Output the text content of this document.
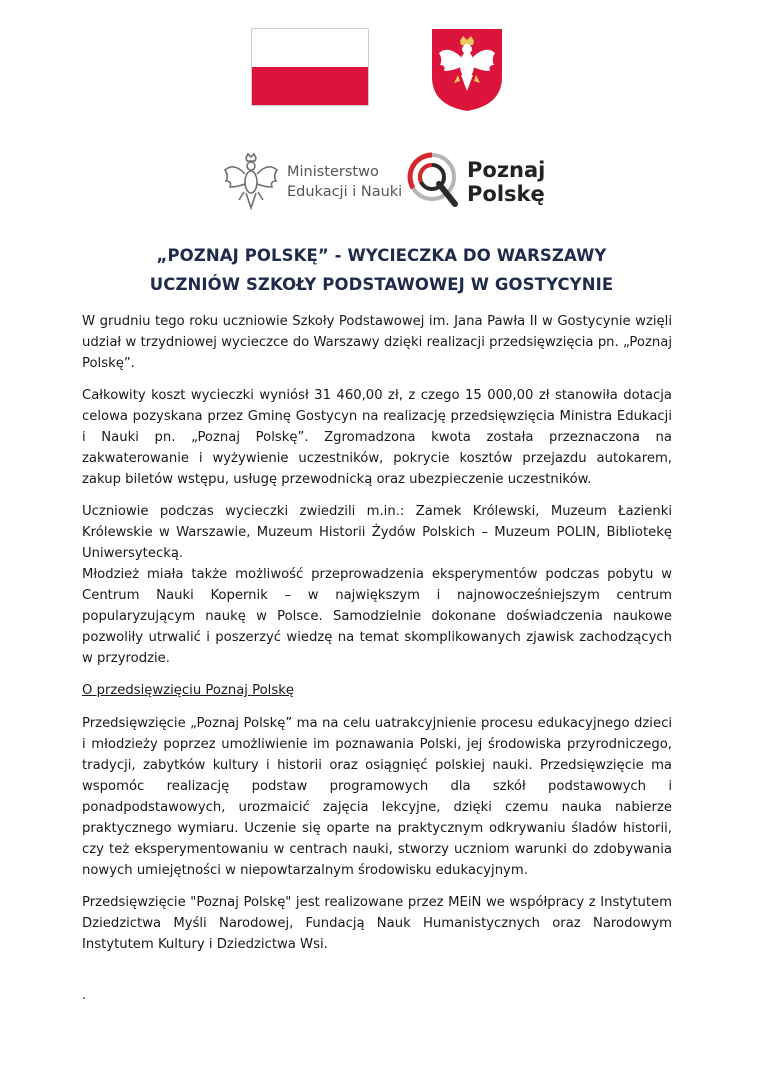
Ministerstwo
Edukacji i Nauki
Poznaj
Polskę
„POZNAJ POLSKĘ” - WYCIECZKA DO WARSZAWY
UCZNIÓW SZKOŁY PODSTAWOWEJ W GOSTYCYNIE

W grudniu tego roku uczniowie Szkoły Podstawowej im. Jana Pawła II w Gostycynie wzięli udział w trzydniowej wycieczce do Warszawy dzięki realizacji przedsięwzięcia pn. „Poznaj Polskę”.

Całkowity koszt wycieczki wyniósł 31 460,00 zł, z czego 15 000,00 zł stanowiła dotacja celowa pozyskana przez Gminę Gostycyn na realizację przedsięwzięcia Ministra Edukacji i Nauki pn. „Poznaj Polskę”. Zgromadzona kwota została przeznaczona na zakwaterowanie i wyżywienie uczestników, pokrycie kosztów przejazdu autokarem, zakup biletów wstępu, usługę przewodnicką oraz ubezpieczenie uczestników.

Uczniowie podczas wycieczki zwiedzili m.in.: Zamek Królewski, Muzeum Łazienki Królewskie w Warszawie, Muzeum Historii Żydów Polskich – Muzeum POLIN, Bibliotekę Uniwersytecką.

Młodzież miała także możliwość przeprowadzenia eksperymentów podczas pobytu w Centrum Nauki Kopernik – w największym i najnowocześniejszym centrum popularyzującym naukę w Polsce. Samodzielnie dokonane doświadczenia naukowe pozwoliły utrwalić i poszerzyć wiedzę na temat skomplikowanych zjawisk zachodzących w przyrodzie.

O przedsięwzięciu Poznaj Polskę

Przedsięwzięcie „Poznaj Polskę” ma na celu uatrakcyjnienie procesu edukacyjnego dzieci i młodzieży poprzez umożliwienie im poznawania Polski, jej środowiska przyrodniczego, tradycji, zabytków kultury i historii oraz osiągnięć polskiej nauki. Przedsięwzięcie ma wspomóc realizację podstaw programowych dla szkół podstawowych i ponadpodstawowych, urozmaicić zajęcia lekcyjne, dzięki czemu nauka nabierze praktycznego wymiaru. Uczenie się oparte na praktycznym odkrywaniu śladów historii, czy też eksperymentowaniu w centrach nauki, stworzy uczniom warunki do zdobywania nowych umiejętności w niepowtarzalnym środowisku edukacyjnym.

Przedsięwzięcie "Poznaj Polskę" jest realizowane przez MEiN we współpracy z Instytutem Dziedzictwa Myśli Narodowej, Fundacją Nauk Humanistycznych oraz Narodowym Instytutem Kultury i Dziedzictwa Wsi.

.
